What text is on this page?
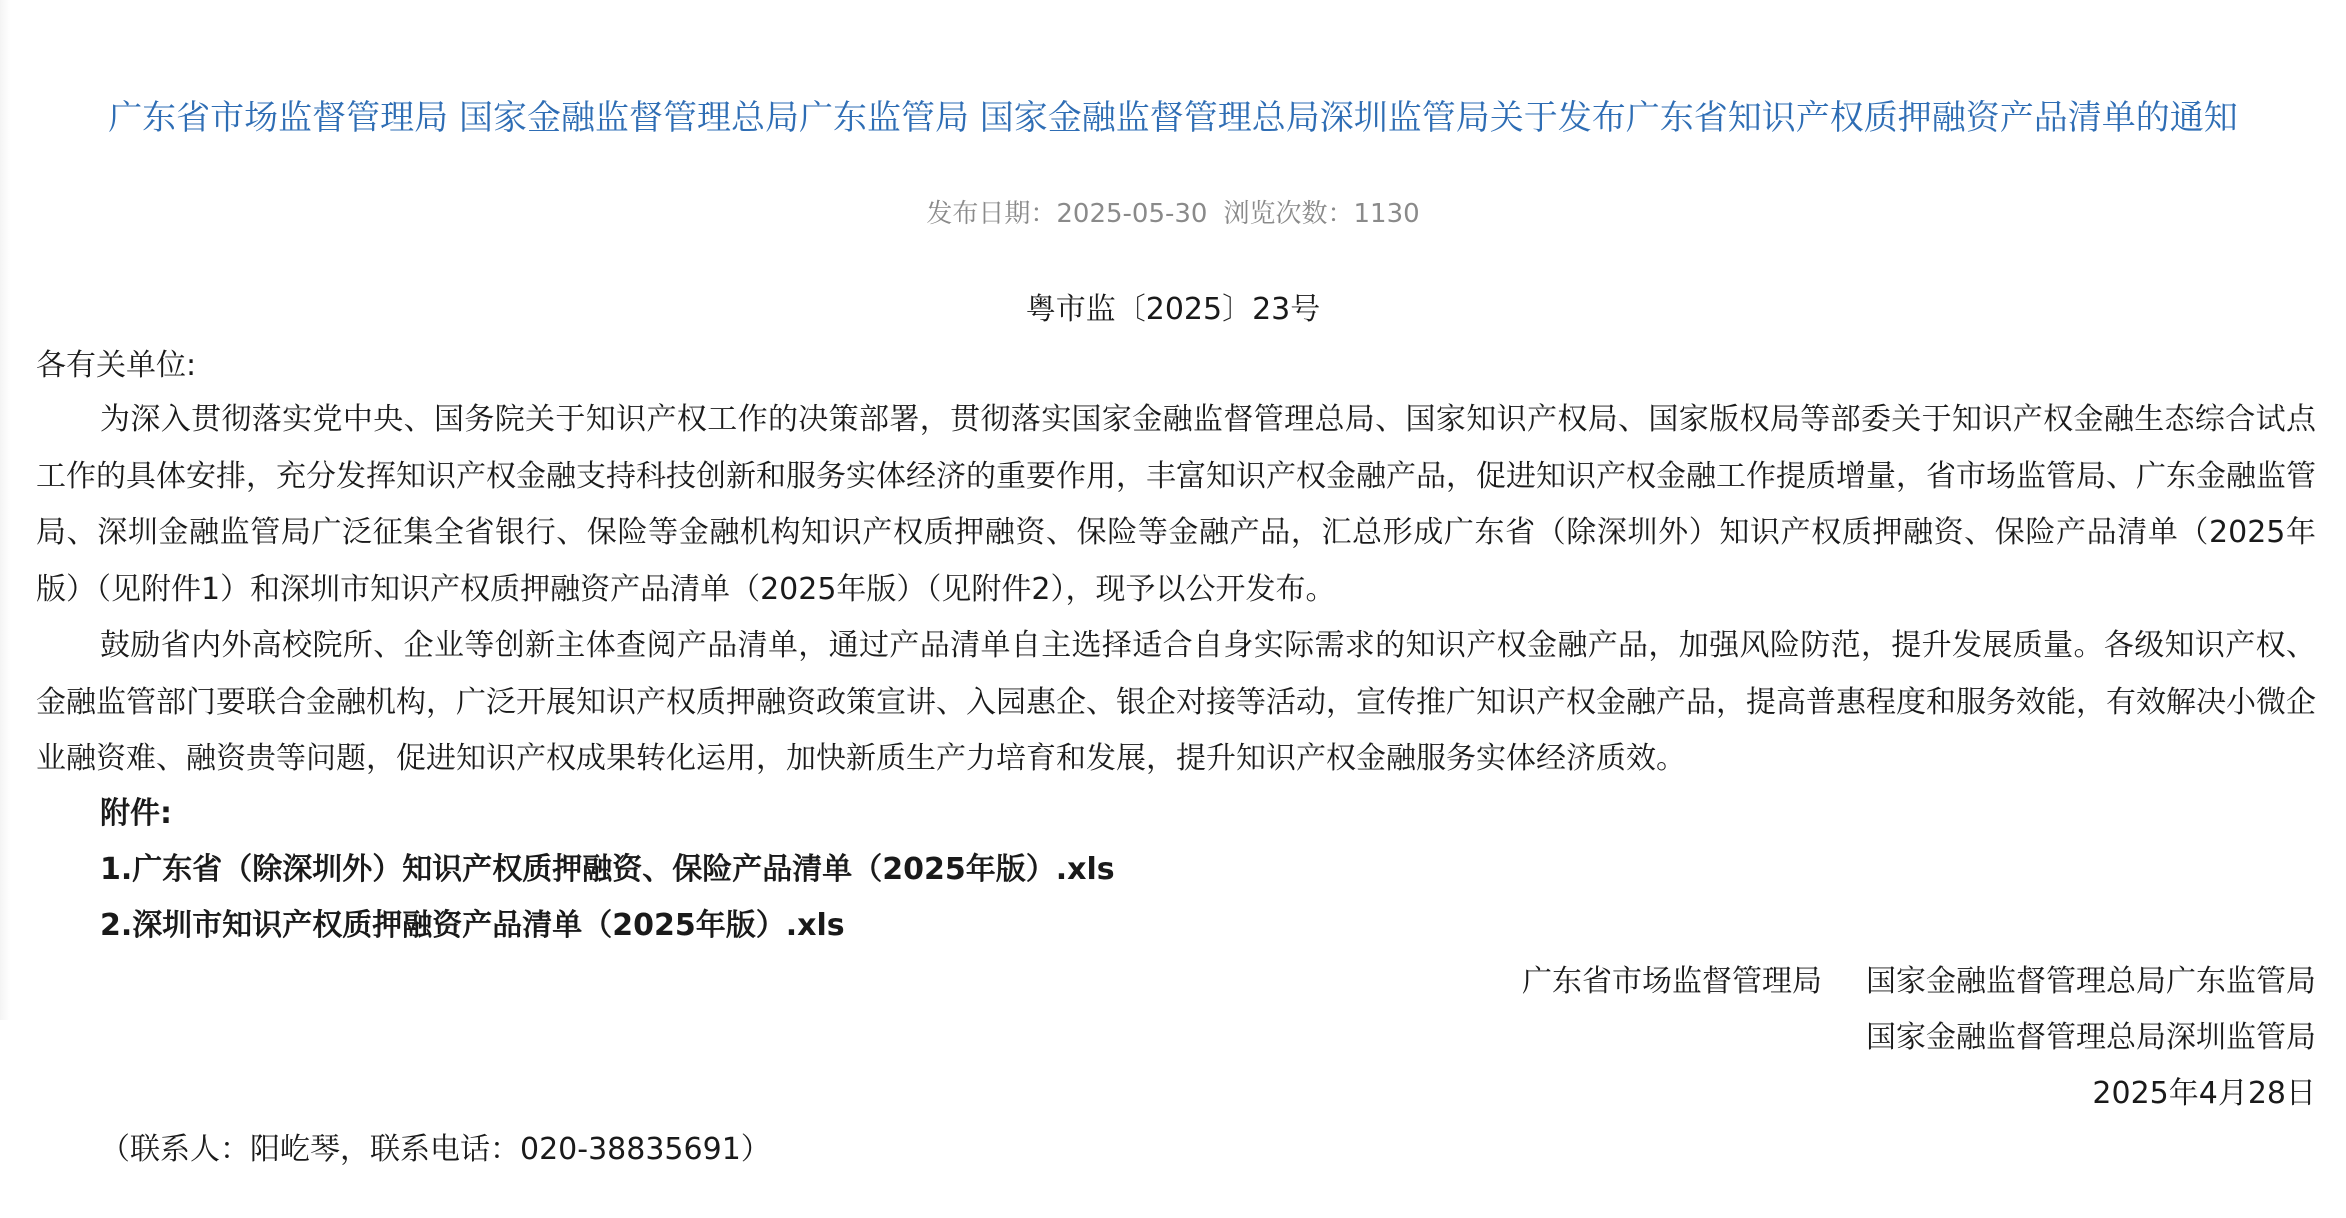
广东省市场监督管理局 国家金融监督管理总局广东监管局 国家金融监督管理总局深圳监管局关于发布广东省知识产权质押融资产品清单的通知
发布日期：2025-05-30 浏览次数：1130
粤市监〔2025〕23号
各有关单位:

为深入贯彻落实党中央、国务院关于知识产权工作的决策部署，贯彻落实国家金融监督管理总局、国家知识产权局、国家版权局等部委关于知识产权金融生态综合试点工作的具体安排，充分发挥知识产权金融支持科技创新和服务实体经济的重要作用，丰富知识产权金融产品，促进知识产权金融工作提质增量，省市场监管局、广东金融监管局、深圳金融监管局广泛征集全省银行、保险等金融机构知识产权质押融资、保险等金融产品，汇总形成广东省（除深圳外）知识产权质押融资、保险产品清单（2025年版）（见附件1）和深圳市知识产权质押融资产品清单（2025年版）（见附件2），现予以公开发布。

鼓励省内外高校院所、企业等创新主体查阅产品清单，通过产品清单自主选择适合自身实际需求的知识产权金融产品，加强风险防范，提升发展质量。各级知识产权、金融监管部门要联合金融机构，广泛开展知识产权质押融资政策宣讲、入园惠企、银企对接等活动，宣传推广知识产权金融产品，提高普惠程度和服务效能，有效解决小微企业融资难、融资贵等问题，促进知识产权成果转化运用，加快新质生产力培育和发展，提升知识产权金融服务实体经济质效。

附件:
1.广东省（除深圳外）知识产权质押融资、保险产品清单（2025年版）.xls
2.深圳市知识产权质押融资产品清单（2025年版）.xls
广东省市场监督管理局 国家金融监督管理总局广东监管局
国家金融监督管理总局深圳监管局
2025年4月28日
（联系人：阳屹琴，联系电话：020-38835691）
